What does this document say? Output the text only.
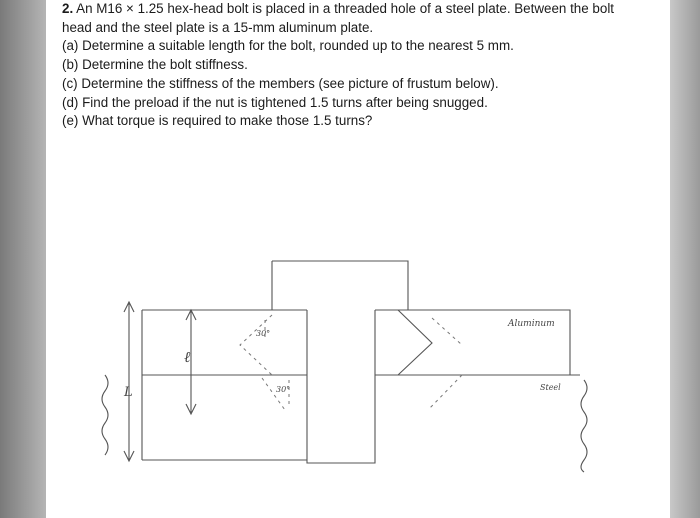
2. An M16 × 1.25 hex-head bolt is placed in a threaded hole of a steel plate. Between the bolt
head and the steel plate is a 15-mm aluminum plate.
(a) Determine a suitable length for the bolt, rounded up to the nearest 5 mm.
(b) Determine the bolt stiffness.
(c) Determine the stiffness of the members (see picture of frustum below).
(d) Find the preload if the nut is tightened 1.5 turns after being snugged.
(e) What torque is required to make those 1.5 turns?
L
ℓ
30°
30°
Aluminum
Steel
